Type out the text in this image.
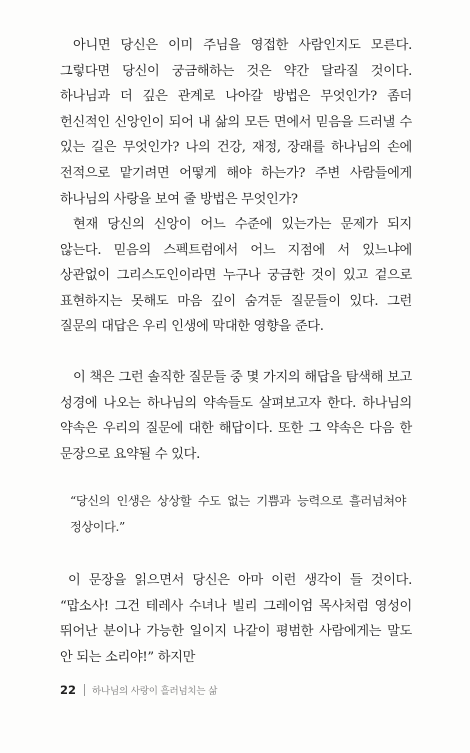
아니면 당신은 이미 주님을 영접한 사람인지도 모른다. 그렇다면 당신이 궁금해하는 것은 약간 달라질 것이다. 하나님과 더 깊은 관계로 나아갈 방법은 무엇인가? 좀더 헌신적인 신앙인이 되어 내 삶의 모든 면에서 믿음을 드러낼 수 있는 길은 무엇인가? 나의 건강, 재정, 장래를 하나님의 손에 전적으로 맡기려면 어떻게 해야 하는가? 주변 사람들에게 하나님의 사랑을 보여 줄 방법은 무엇인가?

현재 당신의 신앙이 어느 수준에 있는가는 문제가 되지 않는다. 믿음의 스펙트럼에서 어느 지점에 서 있느냐에 상관없이 그리스도인이라면 누구나 궁금한 것이 있고 겉으로 표현하지는 못해도 마음 깊이 숨겨둔 질문들이 있다. 그런 질문의 대답은 우리 인생에 막대한 영향을 준다.

이 책은 그런 솔직한 질문들 중 몇 가지의 해답을 탐색해 보고 성경에 나오는 하나님의 약속들도 살펴보고자 한다. 하나님의 약속은 우리의 질문에 대한 해답이다. 또한 그 약속은 다음 한 문장으로 요약될 수 있다.

“당신의 인생은 상상할 수도 없는 기쁨과 능력으로 흘러넘쳐야 정상이다.”

이 문장을 읽으면서 당신은 아마 이런 생각이 들 것이다. “맙소사! 그건 테레사 수녀나 빌리 그레이엄 목사처럼 영성이 뛰어난 분이나 가능한 일이지 나같이 평범한 사람에게는 말도 안 되는 소리야!” 하지만

22 하나님의 사랑이 흘러넘치는 삶
